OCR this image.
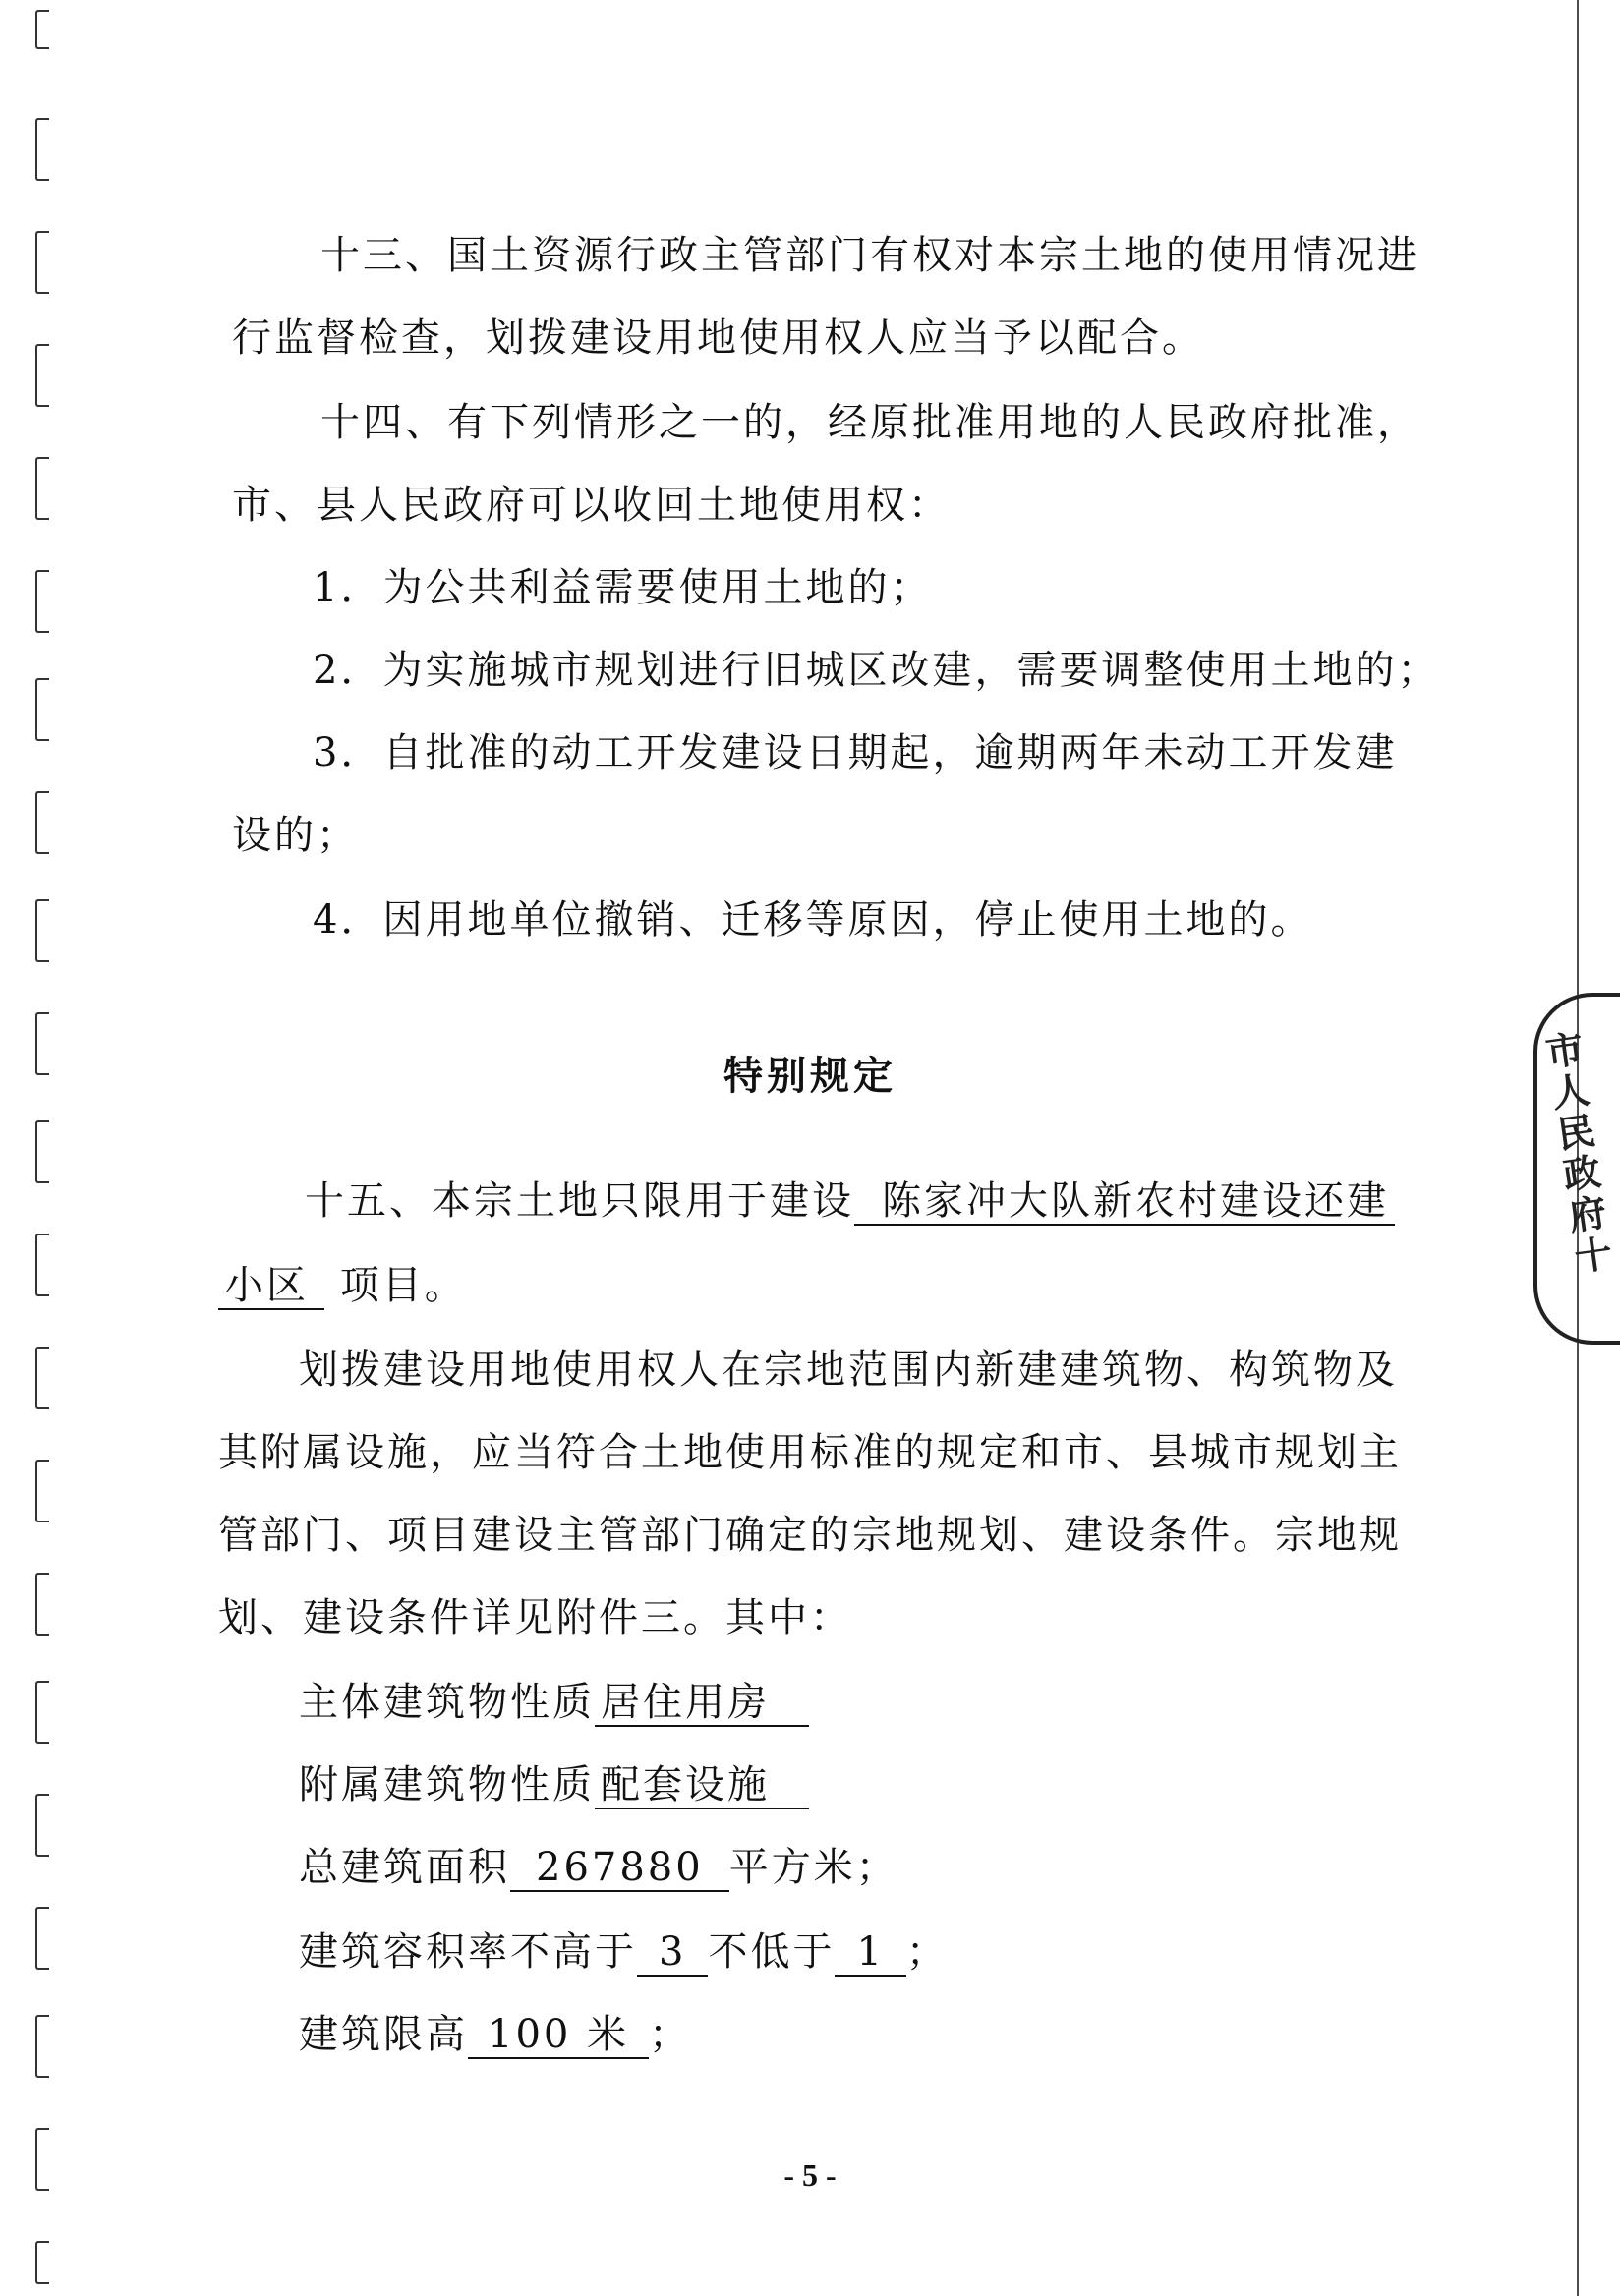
市人民政府十
十三、国土资源行政主管部门有权对本宗土地的使用情况进
行监督检查，划拨建设用地使用权人应当予以配合。
十四、有下列情形之一的，经原批准用地的人民政府批准，
市、县人民政府可以收回土地使用权：
1．为公共利益需要使用土地的；
2．为实施城市规划进行旧城区改建，需要调整使用土地的；
3．自批准的动工开发建设日期起，逾期两年未动工开发建
设的；
4．因用地单位撤销、迁移等原因，停止使用土地的。
特别规定
十五、本宗土地只限用于建设 陈家冲大队新农村建设还建
小区 项目。
划拨建设用地使用权人在宗地范围内新建建筑物、构筑物及
其附属设施，应当符合土地使用标准的规定和市、县城市规划主
管部门、项目建设主管部门确定的宗地规划、建设条件。宗地规
划、建设条件详见附件三。其中：
主体建筑物性质 居住用房
附属建筑物性质 配套设施
总建筑面积 267880 平方米；
建筑容积率不高于 3 不低于 1 ；
建筑限高 100 米 ；
- 5 -
